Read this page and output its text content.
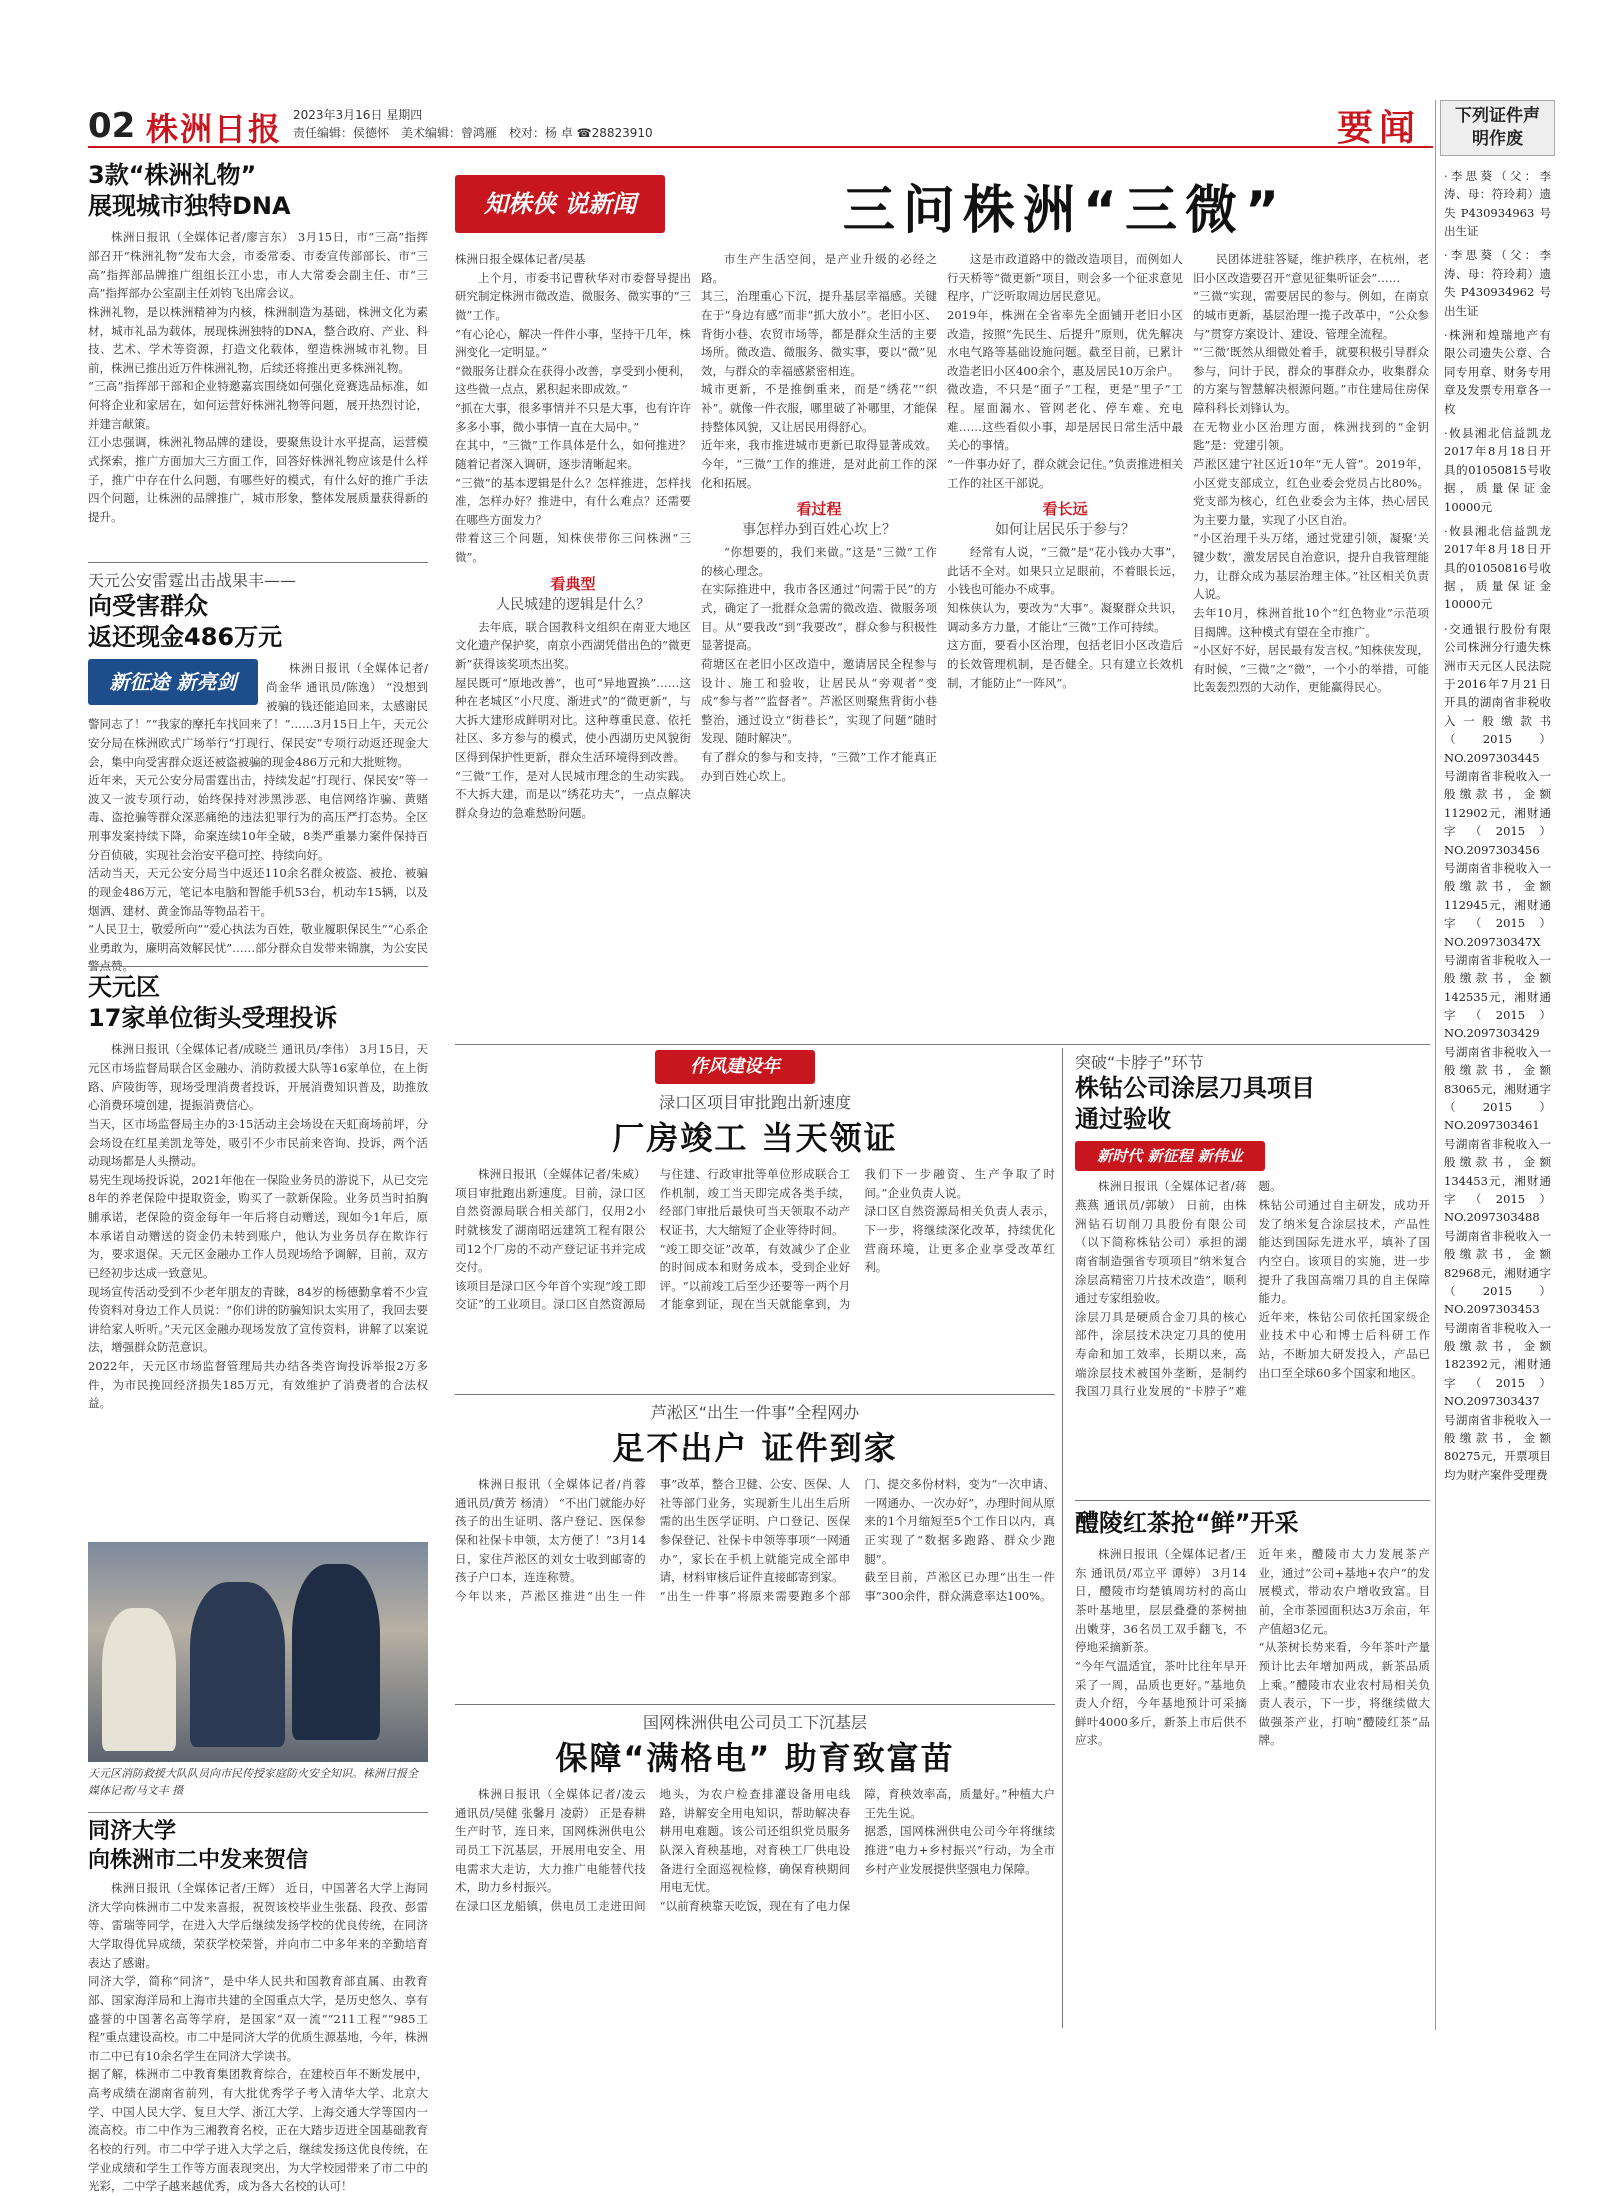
02 株洲日报 2023年3月16日 星期四
责任编辑：侯德怀　美术编辑：曾鸿雁　校对：杨 卓 ☎28823910	要闻	下列证件声明作废
·李思葵（父：李涛、母：符玲莉）遗失P430934963号出生证
·李思葵（父：李涛、母：符玲莉）遗失P430934962号出生证
·株洲和煌瑞地产有限公司遗失公章、合同专用章、财务专用章及发票专用章各一枚
·攸县湘北信益凯龙2017年8月18日开具的01050815号收据，质量保证金10000元
·攸县湘北信益凯龙2017年8月18日开具的01050816号收据，质量保证金10000元
·交通银行股份有限公司株洲分行遗失株洲市天元区人民法院于2016年7月21日开具的湖南省非税收入一般缴款书（2015）NO.2097303445号湖南省非税收入一般缴款书，金额112902元，湘财通字（2015）NO.2097303456号湖南省非税收入一般缴款书，金额112945元，湘财通字（2015）NO.209730347X号湖南省非税收入一般缴款书，金额142535元，湘财通字（2015）NO.2097303429号湖南省非税收入一般缴款书，金额83065元，湘财通字（2015）NO.2097303461号湖南省非税收入一般缴款书，金额134453元，湘财通字（2015）NO.2097303488号湖南省非税收入一般缴款书，金额82968元，湘财通字（2015）NO.2097303453号湖南省非税收入一般缴款书，金额182392元，湘财通字（2015）NO.2097303437号湖南省非税收入一般缴款书，金额80275元，开票项目均为财产案件受理费
3款“株洲礼物”
展现城市独特DNA
株洲日报讯（全媒体记者/廖言东） 3月15日，市“三高”指挥部召开“株洲礼物”发布大会，市委常委、市委宣传部部长、市“三高”指挥部品牌推广组组长江小忠，市人大常委会副主任、市“三高”指挥部办公室副主任刘钧飞出席会议。
株洲礼物，是以株洲精神为内核，株洲制造为基础，株洲文化为素材，城市礼品为载体，展现株洲独特的DNA，整合政府、产业、科技、艺术、学术等资源，打造文化载体，塑造株洲城市礼物。目前，株洲已推出近万件株洲礼物，后续还将推出更多株洲礼物。
“三高”指挥部干部和企业特邀嘉宾围绕如何强化竞赛选品标准，如何将企业和家居在，如何运营好株洲礼物等问题，展开热烈讨论，并建言献策。
江小忠强调，株洲礼物品牌的建设，要聚焦设计水平提高，运营模式探索，推广方面加大三方面工作，回答好株洲礼物应该是什么样子，推广中存在什么问题，有哪些好的模式，有什么好的推广手法四个问题，让株洲的品牌推广，城市形象，整体发展质量获得新的提升。
天元公安雷霆出击战果丰——
向受害群众
返还现金486万元
新征途 新亮剑
株洲日报讯（全媒体记者/尚金华 通讯员/陈逸） “没想到被骗的钱还能追回来，太感谢民警同志了！”“我家的摩托车找回来了！”……3月15日上午，天元公安分局在株洲欧式广场举行“打现行、保民安”专项行动返还现金大会，集中向受害群众返还被盗被骗的现金486万元和大批赃物。
近年来，天元公安分局雷霆出击，持续发起“打现行、保民安”等一波又一波专项行动，始终保持对涉黑涉恶、电信网络诈骗、黄赌毒、盗抢骗等群众深恶痛绝的违法犯罪行为的高压严打态势。全区刑事发案持续下降，命案连续10年全破，8类严重暴力案件保持百分百侦破，实现社会治安平稳可控、持续向好。
活动当天，天元公安分局当中返还110余名群众被盗、被抢、被骗的现金486万元，笔记本电脑和智能手机53台，机动车15辆，以及烟酒、建材、黄金饰品等物品若干。
“人民卫士，敬爱所向”“爱心执法为百姓，敬业履职保民生”“心系企业勇敢为，廉明高效解民忧”……部分群众自发带来锦旗，为公安民警点赞。
天元区
17家单位街头受理投诉
株洲日报讯（全媒体记者/成晓兰 通讯员/李伟） 3月15日，天元区市场监督局联合区金融办、消防救援大队等16家单位，在上街路、庐陵街等，现场受理消费者投诉，开展消费知识普及，助推放心消费环境创建，提振消费信心。
当天，区市场监督局主办的3·15活动主会场设在天虹商场前坪，分会场设在红星美凯龙等处，吸引不少市民前来咨询、投诉，两个活动现场都是人头攒动。
易宪生现场投诉说，2021年他在一保险业务员的游说下，从已交完8年的养老保险中提取资金，购买了一款新保险。业务员当时拍胸脯承诺，老保险的资金每年一年后将自动赠送，现如今1年后，原本承诺自动赠送的资金仍未转到账户，他认为业务员存在欺诈行为，要求退保。天元区金融办工作人员现场给予调解，目前，双方已经初步达成一致意见。
现场宣传活动受到不少老年朋友的青睐，84岁的杨德勤拿着不少宣传资料对身边工作人员说：“你们讲的防骗知识太实用了，我回去要讲给家人听听。”天元区金融办现场发放了宣传资料，讲解了以案说法，增强群众防范意识。
2022年，天元区市场监督管理局共办结各类咨询投诉举报2万多件，为市民挽回经济损失185万元，有效维护了消费者的合法权益。
天元区消防救援大队队员向市民传授家庭防火安全知识。株洲日报全媒体记者/马文丰 摄
同济大学
向株洲市二中发来贺信
株洲日报讯（全媒体记者/王辉） 近日，中国著名大学上海同济大学向株洲市二中发来喜报，祝贺该校毕业生张磊、段孜、彭雷等、雷瑞等同学，在进入大学后继续发扬学校的优良传统，在同济大学取得优异成绩，荣获学校荣誉，并向市二中多年来的辛勤培育表达了感谢。
同济大学，简称“同济”，是中华人民共和国教育部直属、由教育部、国家海洋局和上海市共建的全国重点大学，是历史悠久、享有盛誉的中国著名高等学府，是国家“双一流”“211工程”“985工程”重点建设高校。市二中是同济大学的优质生源基地，今年，株洲市二中已有10余名学生在同济大学读书。
据了解，株洲市二中教育集团教育综合，在建校百年不断发展中，高考成绩在湖南省前列，有大批优秀学子考入清华大学、北京大学、中国人民大学、复旦大学、浙江大学、上海交通大学等国内一流高校。市二中作为三湘教育名校，正在大踏步迈进全国基础教育名校的行列。市二中学子进入大学之后，继续发扬这优良传统，在学业成绩和学生工作等方面表现突出，为大学校园带来了市二中的光彩，二中学子越来越优秀，成为各大名校的认可！
知株侠 说新闻	三问株洲“三微”
株洲日报全媒体记者/吴基
上个月，市委书记曹秋华对市委督导提出研究制定株洲市微改造、微服务、微实事的“三微”工作。
“有心论心，解决一件件小事，坚持干几年，株洲变化一定明显。”
“微服务让群众在获得小改善，享受到小便利，这些微一点点，累积起来即成效。”
“抓在大事，很多事情并不只是大事，也有许许多多小事，微小事情一直在大局中。”
在其中，“三微”工作具体是什么，如何推进？随着记者深入调研，逐步清晰起来。
“三微”的基本逻辑是什么？怎样推进，怎样找准，怎样办好？推进中，有什么难点？还需要在哪些方面发力？
带着这三个问题，知株侠带你三问株洲“三微”。
看典型
人民城建的逻辑是什么？
去年底，联合国教科文组织在南亚大地区文化遗产保护奖，南京小西湖凭借出色的“微更新”获得该奖项杰出奖。
屋民既可“原地改善”，也可“异地置换”……这种在老城区“小尺度、渐进式”的“微更新”，与大拆大建形成鲜明对比。这种尊重民意、依托社区、多方参与的模式，使小西湖历史风貌街区得到保护性更新，群众生活环境得到改善。
“三微”工作，是对人民城市理念的生动实践。不大拆大建，而是以“绣花功夫”，一点点解决群众身边的急难愁盼问题。
市生产生活空间，是产业升级的必经之路。
其三，治理重心下沉，提升基层幸福感。关键在于“身边有感”而非“抓大放小”。老旧小区、背街小巷、农贸市场等，都是群众生活的主要场所。微改造、微服务、微实事，要以“微”见效，与群众的幸福感紧密相连。
城市更新，不是推倒重来，而是“绣花”“织补”。就像一件衣服，哪里破了补哪里，才能保持整体风貌，又让居民用得舒心。
近年来，我市推进城市更新已取得显著成效。今年，“三微”工作的推进，是对此前工作的深化和拓展。
看过程
事怎样办到百姓心坎上？
“你想要的，我们来做。”这是“三微”工作的核心理念。
在实际推进中，我市各区通过“问需于民”的方式，确定了一批群众急需的微改造、微服务项目。从“要我改”到“我要改”，群众参与积极性显著提高。
荷塘区在老旧小区改造中，邀请居民全程参与设计、施工和验收，让居民从“旁观者”变成“参与者”“监督者”。芦淞区则聚焦背街小巷整治，通过设立“街巷长”，实现了问题“随时发现、随时解决”。
有了群众的参与和支持，“三微”工作才能真正办到百姓心坎上。
这是市政道路中的微改造项目，而例如人行天桥等“微更新”项目，则会多一个征求意见程序，广泛听取周边居民意见。
2019年，株洲在全省率先全面铺开老旧小区改造，按照“先民生、后提升”原则，优先解决水电气路等基础设施问题。截至目前，已累计改造老旧小区400余个，惠及居民10万余户。
微改造，不只是“面子”工程，更是“里子”工程。屋面漏水、管网老化、停车难、充电难……这些看似小事，却是居民日常生活中最关心的事情。
“一件事办好了，群众就会记住。”负责推进相关工作的社区干部说。
看长远
如何让居民乐于参与？
经常有人说，“三微”是“花小钱办大事”，此话不全对。如果只立足眼前，不着眼长远，小钱也可能办不成事。
知株侠认为，要改为“大事”。凝聚群众共识，调动多方力量，才能让“三微”工作可持续。
这方面，要看小区治理，包括老旧小区改造后的长效管理机制，是否健全。只有建立长效机制，才能防止“一阵风”。
民团体进驻答疑，维护秩序，在杭州，老旧小区改造要召开“意见征集听证会”……
“三微”实现，需要居民的参与。例如，在南京的城市更新，基层治理一揽子改革中，“公众参与”贯穿方案设计、建设、管理全流程。
“‘三微’既然从细微处着手，就要积极引导群众参与，问计于民，群众的事群众办，收集群众的方案与智慧解决根源问题。”市住建局住房保障科科长刘锋认为。
在无物业小区治理方面，株洲找到的“金钥匙”是：党建引领。
芦淞区建宁社区近10年“无人管”。2019年，小区党支部成立，红色业委会党员占比80%。党支部为核心，红色业委会为主体，热心居民为主要力量，实现了小区自治。
“小区治理千头万绪，通过党建引领，凝聚‘关键少数’，激发居民自治意识，提升自我管理能力，让群众成为基层治理主体。”社区相关负责人说。
去年10月，株洲首批10个“红色物业”示范项目揭牌。这种模式有望在全市推广。
“小区好不好，居民最有发言权。”知株侠发现，有时候，“三微”之“微”，一个小的举措，可能比轰轰烈烈的大动作，更能赢得民心。
作风建设年
渌口区项目审批跑出新速度
厂房竣工 当天领证
株洲日报讯（全媒体记者/朱威） 项目审批跑出新速度。目前，渌口区自然资源局联合相关部门，仅用2小时就核发了湖南昭远建筑工程有限公司12个厂房的不动产登记证书并完成交付。
该项目是渌口区今年首个实现“竣工即交证”的工业项目。渌口区自然资源局与住建、行政审批等单位形成联合工作机制，竣工当天即完成各类手续，经部门审批后最快可当天领取不动产权证书，大大缩短了企业等待时间。
“竣工即交证”改革，有效减少了企业的时间成本和财务成本，受到企业好评。“以前竣工后至少还要等一两个月才能拿到证，现在当天就能拿到，为我们下一步融资、生产争取了时间。”企业负责人说。
渌口区自然资源局相关负责人表示，下一步，将继续深化改革，持续优化营商环境，让更多企业享受改革红利。
芦淞区“出生一件事”全程网办
足不出户 证件到家
株洲日报讯（全媒体记者/肖蓉 通讯员/黄芳 杨清） “不出门就能办好孩子的出生证明、落户登记、医保参保和社保卡申领，太方便了！”3月14日，家住芦淞区的刘女士收到邮寄的孩子户口本，连连称赞。
今年以来，芦淞区推进“出生一件事”改革，整合卫健、公安、医保、人社等部门业务，实现新生儿出生后所需的出生医学证明、户口登记、医保参保登记、社保卡申领等事项“一网通办”，家长在手机上就能完成全部申请，材料审核后证件直接邮寄到家。
“出生一件事”将原来需要跑多个部门、提交多份材料，变为“一次申请、一网通办、一次办好”，办理时间从原来的1个月缩短至5个工作日以内，真正实现了“数据多跑路、群众少跑腿”。
截至目前，芦淞区已办理“出生一件事”300余件，群众满意率达100%。
国网株洲供电公司员工下沉基层
保障“满格电” 助育致富苗
株洲日报讯（全媒体记者/凌云 通讯员/吴健 张馨月 凌蔚） 正是春耕生产时节，连日来，国网株洲供电公司员工下沉基层，开展用电安全、用电需求大走访，大力推广电能替代技术，助力乡村振兴。
在渌口区龙船镇，供电员工走进田间地头，为农户检查排灌设备用电线路，讲解安全用电知识，帮助解决春耕用电难题。该公司还组织党员服务队深入育秧基地，对育秧工厂供电设备进行全面巡视检修，确保育秧期间用电无忧。
“以前育秧靠天吃饭，现在有了电力保障，育秧效率高，质量好。”种植大户王先生说。
据悉，国网株洲供电公司今年将继续推进“电力+乡村振兴”行动，为全市乡村产业发展提供坚强电力保障。
突破“卡脖子”环节
株钻公司涂层刀具项目
通过验收
新时代 新征程 新伟业
株洲日报讯（全媒体记者/蒋燕燕 通讯员/郭敏） 日前，由株洲钻石切削刀具股份有限公司（以下简称株钻公司）承担的湖南省制造强省专项项目“纳米复合涂层高精密刀片技术改造”，顺利通过专家组验收。
涂层刀具是硬质合金刀具的核心部件，涂层技术决定刀具的使用寿命和加工效率，长期以来，高端涂层技术被国外垄断，是制约我国刀具行业发展的“卡脖子”难题。
株钻公司通过自主研发，成功开发了纳米复合涂层技术，产品性能达到国际先进水平，填补了国内空白。该项目的实施，进一步提升了我国高端刀具的自主保障能力。
近年来，株钻公司依托国家级企业技术中心和博士后科研工作站，不断加大研发投入，产品已出口至全球60多个国家和地区。
醴陵红茶抢“鲜”开采
株洲日报讯（全媒体记者/王东 通讯员/邓立平 谭婷） 3月14日，醴陵市均楚镇周坊村的高山茶叶基地里，层层叠叠的茶树抽出嫩芽，36名员工双手翻飞，不停地采摘新茶。
“今年气温适宜，茶叶比往年早开采了一周，品质也更好。”基地负责人介绍，今年基地预计可采摘鲜叶4000多斤，新茶上市后供不应求。
近年来，醴陵市大力发展茶产业，通过“公司+基地+农户”的发展模式，带动农户增收致富。目前，全市茶园面积达3万余亩，年产值超3亿元。
“从茶树长势来看，今年茶叶产量预计比去年增加两成，新茶品质上乘。”醴陵市农业农村局相关负责人表示，下一步，将继续做大做强茶产业，打响“醴陵红茶”品牌。
